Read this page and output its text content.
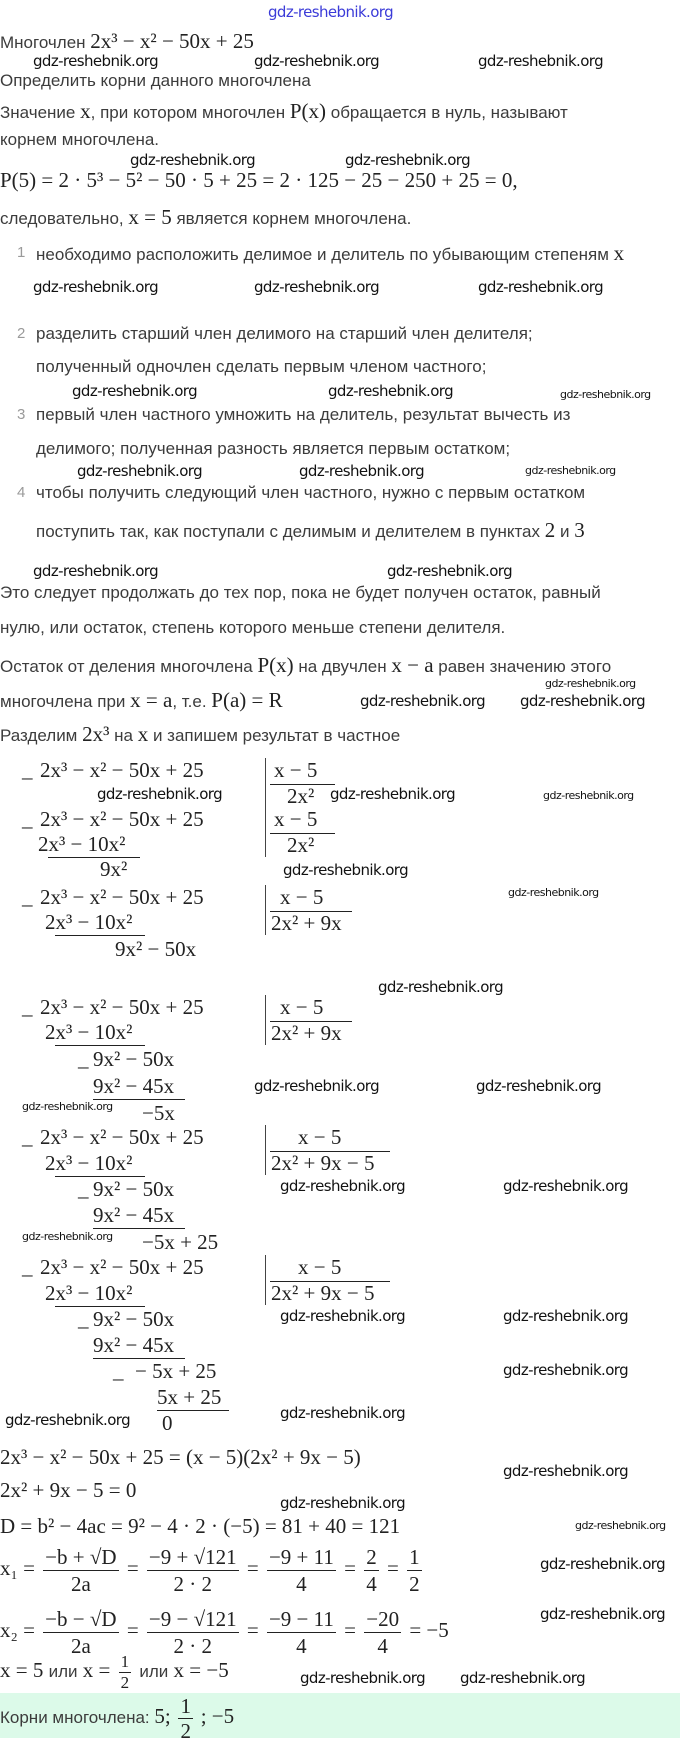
gdz-reshebnik.org
Многочлен 2x³ − x² − 50x + 25
Определить корни данного многочлена
Значение x, при котором многочлен P(x) обращается в нуль, называют
корнем многочлена.
P(5) = 2 · 5³ − 5² − 50 · 5 + 25 = 2 · 125 − 25 − 250 + 25 = 0,
следовательно, x = 5 является корнем многочлена.
1 необходимо расположить делимое и делитель по убывающим степеням x
2 разделить старший член делимого на старший член делителя;
полученный одночлен сделать первым членом частного;
3 первый член частного умножить на делитель, результат вычесть из
делимого; полученная разность является первым остатком;
4 чтобы получить следующий член частного, нужно с первым остатком
поступить так, как поступали с делимым и делителем в пунктах 2 и 3
Это следует продолжать до тех пор, пока не будет получен остаток, равный
нулю, или остаток, степень которого меньше степени делителя.
Остаток от деления многочлена P(x) на двучлен x − a равен значению этого
многочлена при x = a, т.е. P(a) = R
Разделим 2x³ на x и запишем результат в частное
_ 2x³ − x² − 50x + 25	x − 5
2x²
_ 2x³ − x² − 50x + 25
2x³ − 10x²
9x²
x − 5
2x²
_ 2x³ − x² − 50x + 25
2x³ − 10x²
9x² − 50x
x − 5
2x² + 9x
_ 2x³ − x² − 50x + 25
2x³ − 10x²
_ 9x² − 50x
9x² − 45x
−5x
x − 5
2x² + 9x
_ 2x³ − x² − 50x + 25
2x³ − 10x²
_ 9x² − 50x
9x² − 45x
−5x + 25
x − 5
2x² + 9x − 5
_ 2x³ − x² − 50x + 25
2x³ − 10x²
_ 9x² − 50x
9x² − 45x
_ − 5x + 25
5x + 25
0
x − 5
2x² + 9x − 5
2x³ − x² − 50x + 25 = (x − 5)(2x² + 9x − 5)
2x² + 9x − 5 = 0
D = b² − 4ac = 9² − 4 · 2 · (−5) = 81 + 40 = 121
$x_1 = \frac{-b + √D}{2a} = \frac{-9 + √121}{2 \cdot 2} = \frac{-9 + 11}{4} = \frac{2}{4} = \frac{1}{2}$
$x_2 = \frac{-b - √D}{2a} = \frac{-9 - √121}{2 \cdot 2} = \frac{-9 - 11}{4} = \frac{-20}{4} = -5$
x = 5 или $x = \frac{1}{2}$ или x = −5
Корни многочлена: 5; $\frac{1}{2}$ ; −5
gdz-reshebnik.org	gdz-reshebnik.org	gdz-reshebnik.org
gdz-reshebnik.org	gdz-reshebnik.org
gdz-reshebnik.org	gdz-reshebnik.org	gdz-reshebnik.org
gdz-reshebnik.org	gdz-reshebnik.org	gdz-reshebnik.org
gdz-reshebnik.org	gdz-reshebnik.org	gdz-reshebnik.org
gdz-reshebnik.org	gdz-reshebnik.org
gdz-reshebnik.org
gdz-reshebnik.org
gdz-reshebnik.org
gdz-reshebnik.org	gdz-reshebnik.org	gdz-reshebnik.org
gdz-reshebnik.org
gdz-reshebnik.org
gdz-reshebnik.org
gdz-reshebnik.org	gdz-reshebnik.org
gdz-reshebnik.org
gdz-reshebnik.org	gdz-reshebnik.org
gdz-reshebnik.org
gdz-reshebnik.org	gdz-reshebnik.org
gdz-reshebnik.org
gdz-reshebnik.org	gdz-reshebnik.org
gdz-reshebnik.org
gdz-reshebnik.org
gdz-reshebnik.org
gdz-reshebnik.org
gdz-reshebnik.org gdz-reshebnik.org
gdz-reshebnik.org
